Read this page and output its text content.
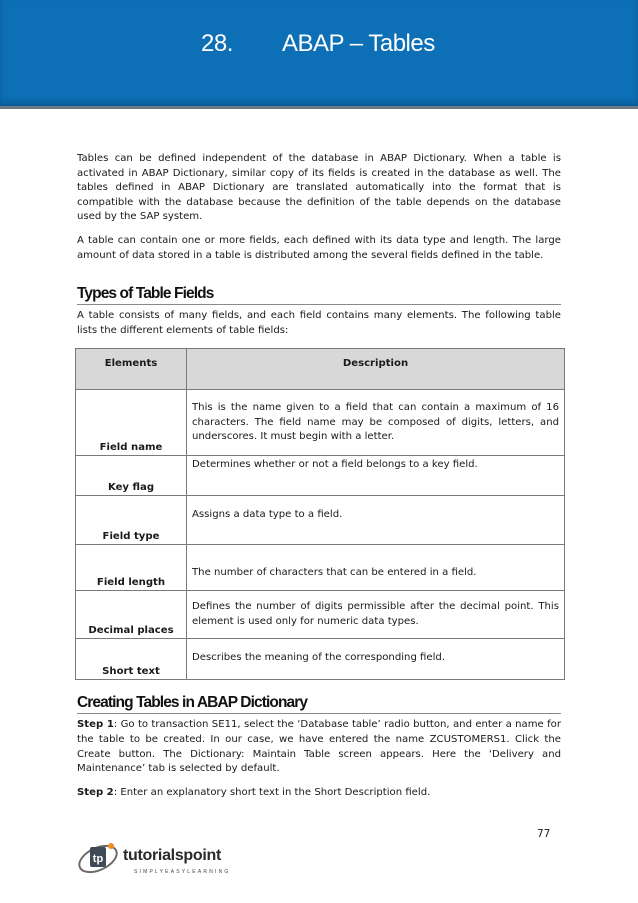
28. ABAP – Tables

Tables can be defined independent of the database in ABAP Dictionary. When a table is activated in ABAP Dictionary, similar copy of its fields is created in the database as well. The tables defined in ABAP Dictionary are translated automatically into the format that is compatible with the database because the definition of the table depends on the database used by the SAP system.

A table can contain one or more fields, each defined with its data type and length. The large amount of data stored in a table is distributed among the several fields defined in the table.

Types of Table Fields

A table consists of many fields, and each field contains many elements. The following table lists the different elements of table fields:

Elements	Description
Field name	This is the name given to a field that can contain a maximum of 16 characters. The field name may be composed of digits, letters, and underscores. It must begin with a letter.
Key flag	Determines whether or not a field belongs to a key field.
Field type	Assigns a data type to a field.
Field length	The number of characters that can be entered in a field.
Decimal places	Defines the number of digits permissible after the decimal point. This element is used only for numeric data types.
Short text	Describes the meaning of the corresponding field.
Creating Tables in ABAP Dictionary

Step 1: Go to transaction SE11, select the ‘Database table’ radio button, and enter a name for the table to be created. In our case, we have entered the name ZCUSTOMERS1. Click the Create button. The Dictionary: Maintain Table screen appears. Here the ‘Delivery and Maintenance’ tab is selected by default.

Step 2: Enter an explanatory short text in the Short Description field.

77
tp tutorialspoint
SIMPLYEASYLEARNING
